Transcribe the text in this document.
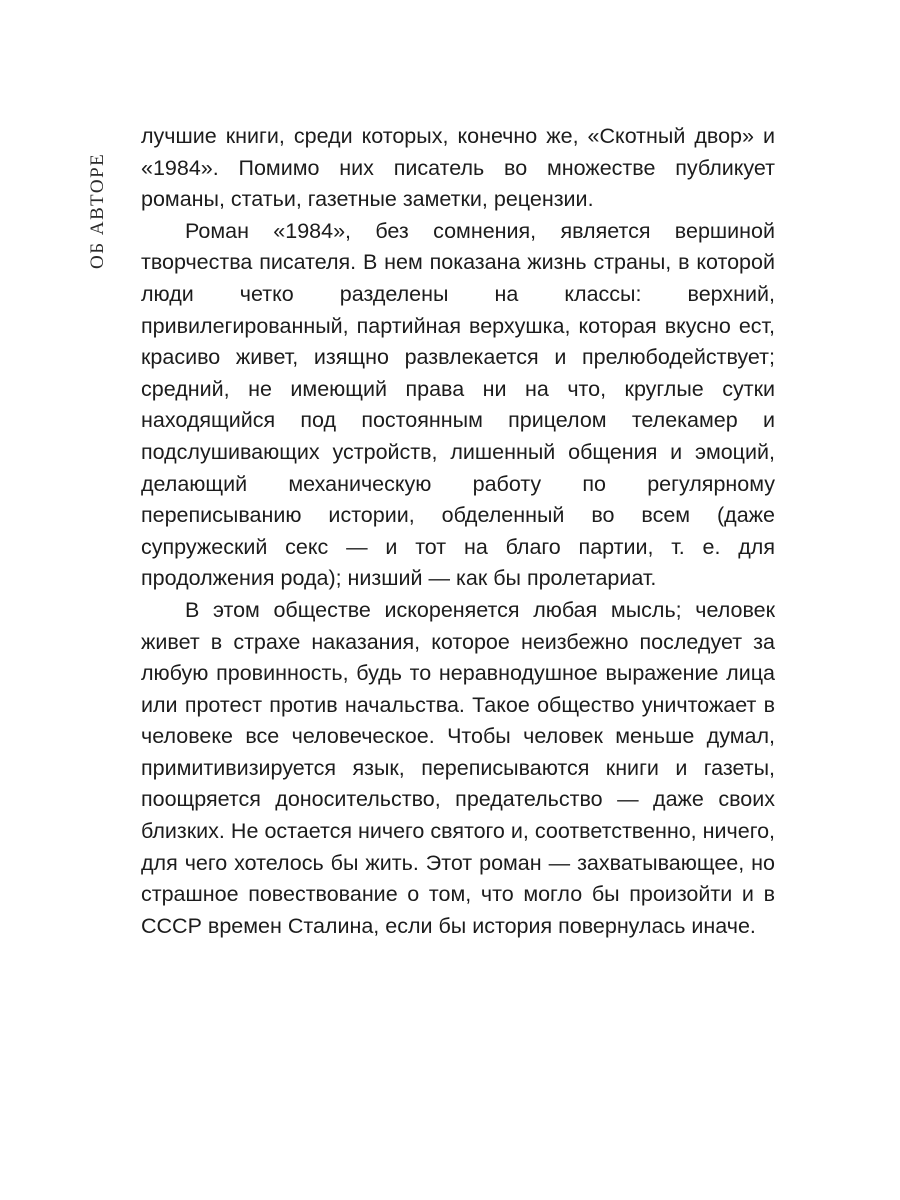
ОБ АВТОРЕ

лучшие книги, среди которых, конечно же, «Скотный двор» и «1984». Помимо них писатель во множестве публикует романы, статьи, газетные заметки, рецензии.

Роман «1984», без сомнения, является вершиной творчества писателя. В нем показана жизнь страны, в которой люди четко разделены на классы: верхний, привилегированный, партийная верхушка, которая вкусно ест, красиво живет, изящно развлекается и прелюбодействует; средний, не имеющий права ни на что, круглые сутки находящийся под постоянным прицелом телекамер и подслушивающих устройств, лишенный общения и эмоций, делающий механическую работу по регулярному переписыванию истории, обделенный во всем (даже супружеский секс — и тот на благо партии, т. е. для продолжения рода); низший — как бы пролетариат.

В этом обществе искореняется любая мысль; человек живет в страхе наказания, которое неизбежно последует за любую провинность, будь то неравнодушное выражение лица или протест против начальства. Такое общество уничтожает в человеке все человеческое. Чтобы человек меньше думал, примитивизируется язык, переписываются книги и газеты, поощряется доносительство, предательство — даже своих близких. Не остается ничего святого и, соответственно, ничего, для чего хотелось бы жить. Этот роман — захватывающее, но страшное повествование о том, что могло бы произойти и в СССР времен Сталина, если бы история повернулась иначе.
